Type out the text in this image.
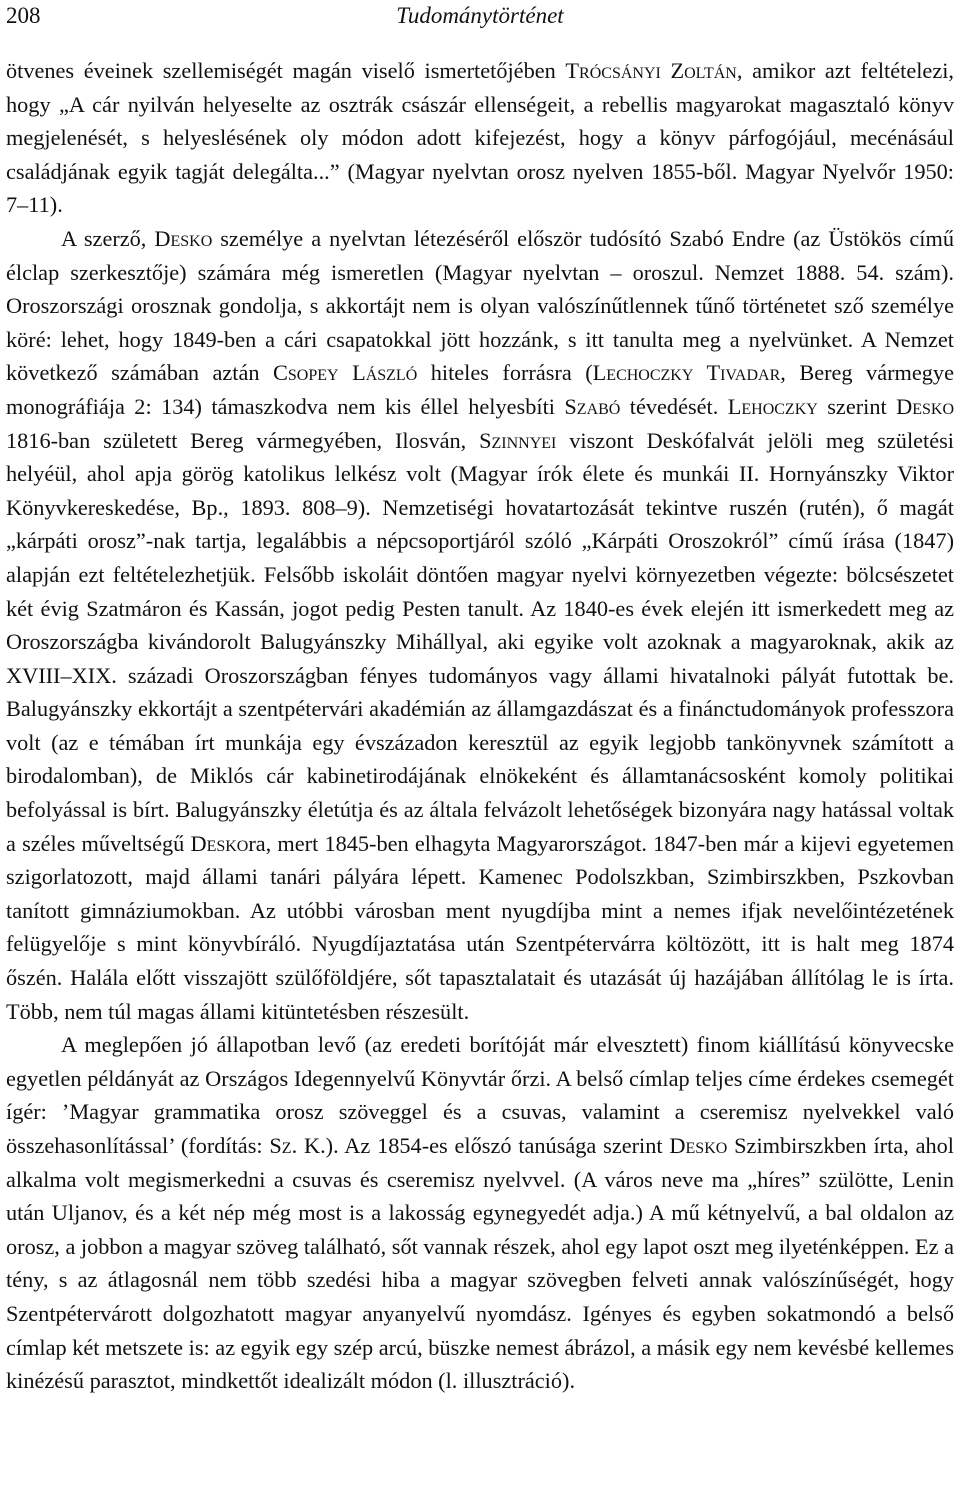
208	Tudománytörténet

ötvenes éveinek szellemiségét magán viselő ismertetőjében Trócsányi Zoltán, amikor azt feltételezi, hogy „A cár nyilván helyeselte az osztrák császár ellenségeit, a rebellis magyarokat magasztaló könyv megjelenését, s helyeslésének oly módon adott kifejezést, hogy a könyv párfogójául, mecénásául családjának egyik tagját delegálta...” (Magyar nyelvtan orosz nyelven 1855-ből. Magyar Nyelvőr 1950: 7–11).

A szerző, Desko személye a nyelvtan létezéséről először tudósító Szabó Endre (az Üstökös című élclap szerkesztője) számára még ismeretlen (Magyar nyelvtan – oroszul. Nemzet 1888. 54. szám). Oroszországi orosznak gondolja, s akkortájt nem is olyan valószínűtlennek tűnő történetet sző személye köré: lehet, hogy 1849-ben a cári csapatokkal jött hozzánk, s itt tanulta meg a nyelvünket. A Nemzet következő számában aztán Csopey László hiteles forrásra (Lechoczky Tivadar, Bereg vármegye monográfiája 2: 134) támaszkodva nem kis éllel helyesbíti Szabó tévedését. Lehoczky szerint Desko 1816-ban született Bereg vármegyében, Ilosván, Szinnyei viszont Deskófalvát jelöli meg születési helyéül, ahol apja görög katolikus lelkész volt (Magyar írók élete és munkái II. Hornyánszky Viktor Könyvkereskedése, Bp., 1893. 808–9). Nemzetiségi hovatartozását tekintve ruszén (rutén), ő magát „kárpáti orosz”-nak tartja, legalábbis a népcsoportjáról szóló „Kárpáti Oroszokról” című írása (1847) alapján ezt feltételezhetjük. Felsőbb iskoláit döntően magyar nyelvi környezetben végezte: bölcsészetet két évig Szatmáron és Kassán, jogot pedig Pesten tanult. Az 1840-es évek elején itt ismerkedett meg az Oroszországba kivándorolt Balugyánszky Mihállyal, aki egyike volt azoknak a magyaroknak, akik az XVIII–XIX. századi Oroszországban fényes tudományos vagy állami hivatalnoki pályát futottak be. Balugyánszky ekkortájt a szentpétervári akadémián az államgazdászat és a finánctudományok professzora volt (az e témában írt munkája egy évszázadon keresztül az egyik legjobb tankönyvnek számított a birodalomban), de Miklós cár kabinetirodájának elnökeként és államtanácsosként komoly politikai befolyással is bírt. Balugyánszky életútja és az általa felvázolt lehetőségek bizonyára nagy hatással voltak a széles műveltségű Deskora, mert 1845-ben elhagyta Magyarországot. 1847-ben már a kijevi egyetemen szigorlatozott, majd állami tanári pályára lépett. Kamenec Podolszkban, Szimbirszkben, Pszkovban tanított gimnáziumokban. Az utóbbi városban ment nyugdíjba mint a nemes ifjak nevelőintézetének felügyelője s mint könyvbíráló. Nyugdíjaztatása után Szentpétervárra költözött, itt is halt meg 1874 őszén. Halála előtt visszajött szülőföldjére, sőt tapasztalatait és utazását új hazájában állítólag le is írta. Több, nem túl magas állami kitüntetésben részesült.

A meglepően jó állapotban levő (az eredeti borítóját már elvesztett) finom kiállítású könyvecske egyetlen példányát az Országos Idegennyelvű Könyvtár őrzi. A belső címlap teljes címe érdekes csemegét ígér: ’Magyar grammatika orosz szöveggel és a csuvas, valamint a cseremisz nyelvekkel való összehasonlítással’ (fordítás: Sz. K.). Az 1854-es előszó tanúsága szerint Desko Szimbirszkben írta, ahol alkalma volt megismerkedni a csuvas és cseremisz nyelvvel. (A város neve ma „híres” szülötte, Lenin után Uljanov, és a két nép még most is a lakosság egynegyedét adja.) A mű kétnyelvű, a bal oldalon az orosz, a jobbon a magyar szöveg található, sőt vannak részek, ahol egy lapot oszt meg ilyeténképpen. Ez a tény, s az átlagosnál nem több szedési hiba a magyar szövegben felveti annak valószínűségét, hogy Szentpétervárott dolgozhatott magyar anyanyelvű nyomdász. Igényes és egyben sokatmondó a belső címlap két metszete is: az egyik egy szép arcú, büszke nemest ábrázol, a másik egy nem kevésbé kellemes kinézésű parasztot, mindkettőt idealizált módon (l. illusztráció).
